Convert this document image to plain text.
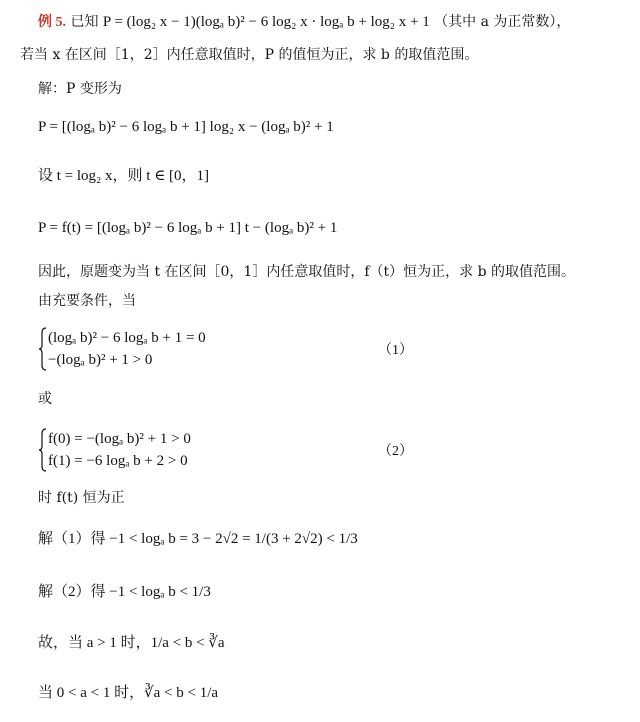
例 5. 已知 P = (log₂ x − 1)(logₐ b)² − 6 log₂ x · logₐ b + log₂ x + 1 （其中 a 为正常数），
若当 x 在区间［1，2］内任意取值时，P 的值恒为正，求 b 的取值范围。
解：P 变形为
P = [(logₐ b)² − 6 logₐ b + 1] log₂ x − (logₐ b)² + 1
设 t = log₂ x，则 t ∈ [0，1]
P = f(t) = [(logₐ b)² − 6 logₐ b + 1] t − (logₐ b)² + 1
因此，原题变为当 t 在区间［0，1］内任意取值时，f（t）恒为正，求 b 的取值范围。
由充要条件，当
(logₐ b)² − 6 logₐ b + 1 = 0
−(logₐ b)² + 1 > 0
（1）
或
f(0) = −(logₐ b)² + 1 > 0
f(1) = −6 logₐ b + 2 > 0
（2）
时 f(t) 恒为正
解（1）得 −1 < logₐ b = 3 − 2√2 = 1/(3 + 2√2) < 1/3
解（2）得 −1 < logₐ b < 1/3
故，当 a > 1 时，1/a < b < ∛a
当 0 < a < 1 时，∛a < b < 1/a
